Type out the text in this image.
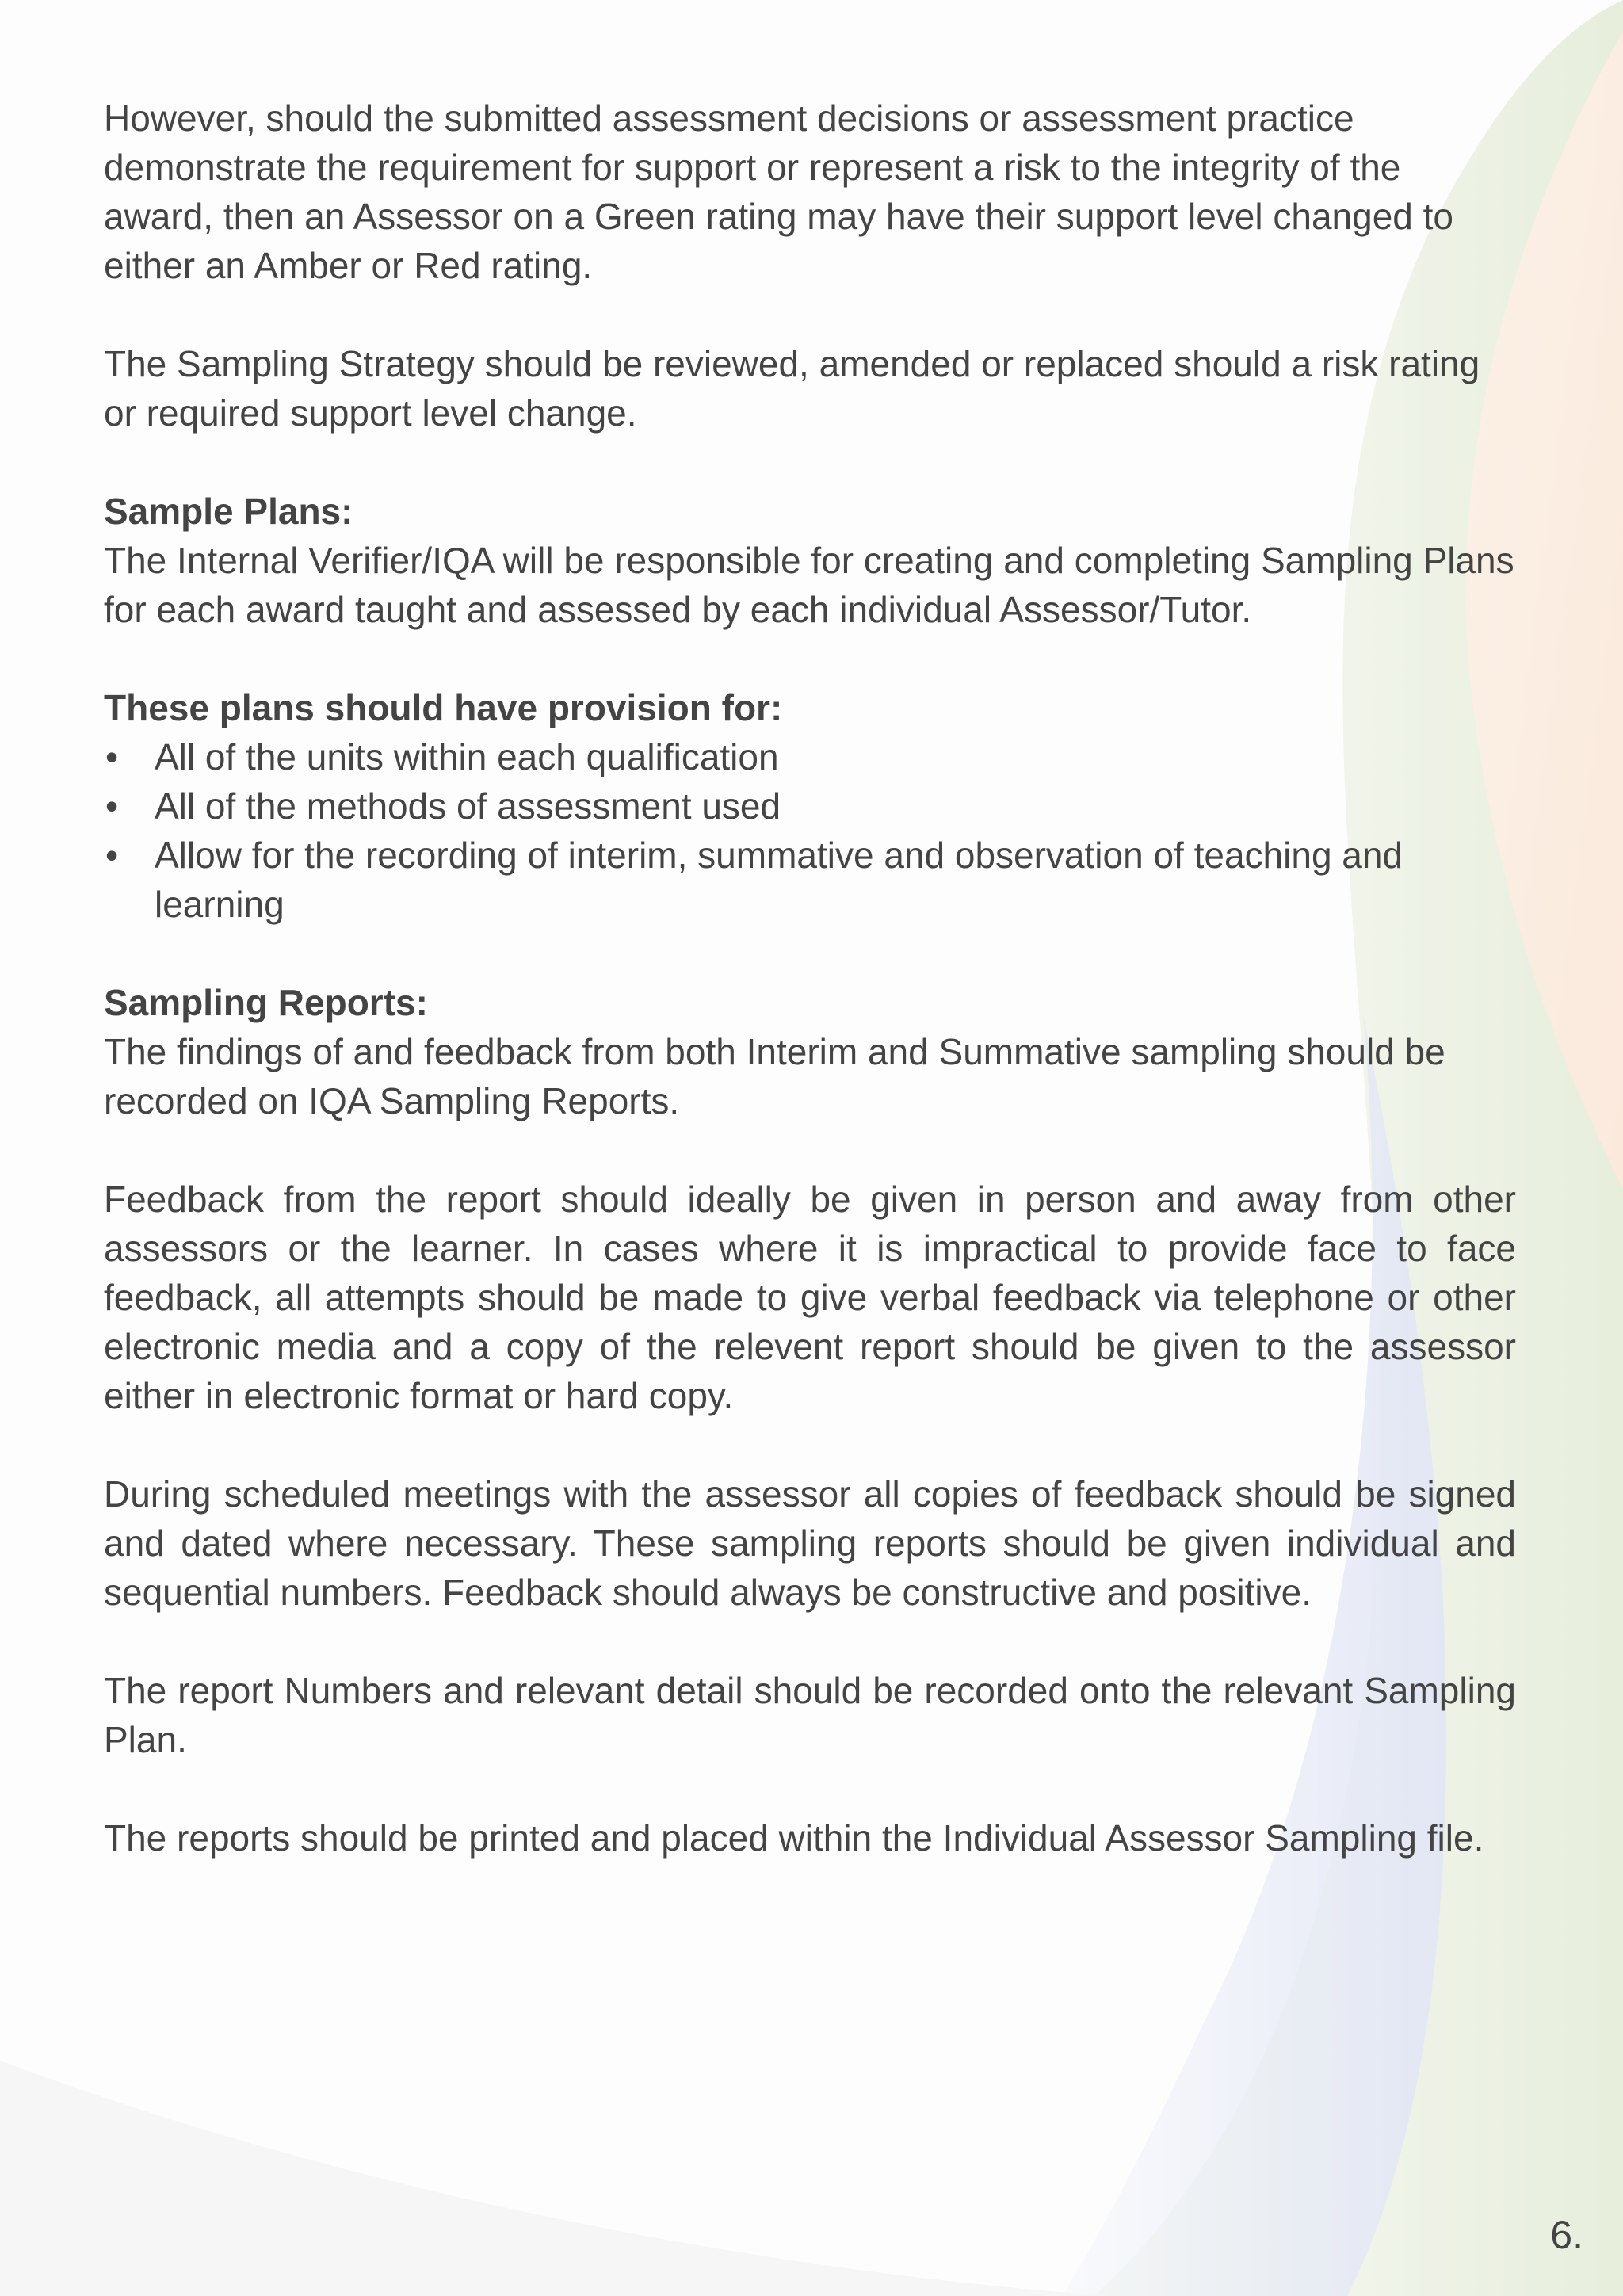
However, should the submitted assessment decisions or assessment practice demonstrate the requirement for support or represent a risk to the integrity of the award, then an Assessor on a Green rating may have their support level changed to either an Amber or Red rating.

The Sampling Strategy should be reviewed, amended or replaced should a risk rating or required support level change.

Sample Plans:

The Internal Verifier/IQA will be responsible for creating and completing Sampling Plans for each award taught and assessed by each individual Assessor/Tutor.

These plans should have provision for:

• All of the units within each qualification
• All of the methods of assessment used
• Allow for the recording of interim, summative and observation of teaching and learning

Sampling Reports:

The findings of and feedback from both Interim and Summative sampling should be recorded on IQA Sampling Reports.

Feedback from the report should ideally be given in person and away from other assessors or the learner. In cases where it is impractical to provide face to face feedback, all attempts should be made to give verbal feedback via telephone or other electronic media and a copy of the relevent report should be given to the assessor either in electronic format or hard copy.

During scheduled meetings with the assessor all copies of feedback should be signed and dated where necessary. These sampling reports should be given individual and sequential numbers. Feedback should always be constructive and positive.

The report Numbers and relevant detail should be recorded onto the relevant Sampling Plan.

The reports should be printed and placed within the Individual Assessor Sampling file.

6.
